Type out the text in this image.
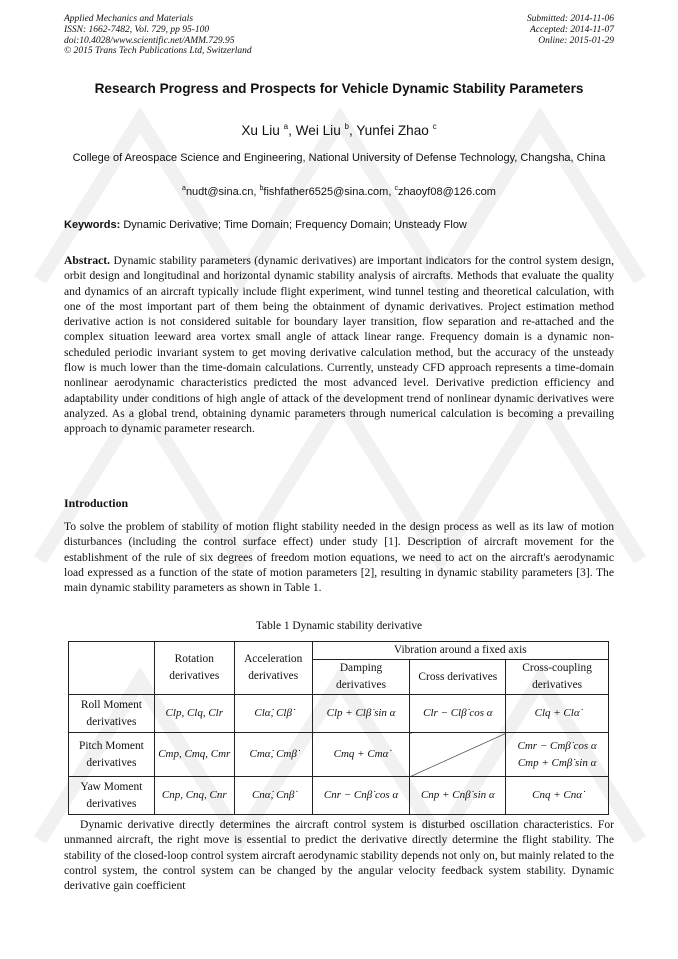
Applied Mechanics and Materials
ISSN: 1662-7482, Vol. 729, pp 95-100
doi:10.4028/www.scientific.net/AMM.729.95
© 2015 Trans Tech Publications Ltd, Switzerland
Submitted: 2014-11-06
Accepted: 2014-11-07
Online: 2015-01-29
Research Progress and Prospects for Vehicle Dynamic Stability Parameters
Xu Liu $^a$, Wei Liu $^b$, Yunfei Zhao $^c$
College of Areospace Science and Engineering, National University of Defense Technology, Changsha, China
$^a$nudt@sina.cn, $^b$fishfather6525@sina.com, $^c$zhaoyf08@126.com
Keywords: Dynamic Derivative; Time Domain; Frequency Domain; Unsteady Flow
Abstract. Dynamic stability parameters (dynamic derivatives) are important indicators for the control system design, orbit design and longitudinal and horizontal dynamic stability analysis of aircrafts. Methods that evaluate the quality and dynamics of an aircraft typically include flight experiment, wind tunnel testing and theoretical calculation, with one of the most important part of them being the obtainment of dynamic derivatives. Project estimation method derivative action is not considered suitable for boundary layer transition, flow separation and re-attached and the complex situation leeward area vortex small angle of attack linear range. Frequency domain is a dynamic non-scheduled periodic invariant system to get moving derivative calculation method, but the accuracy of the unsteady flow is much lower than the time-domain calculations. Currently, unsteady CFD approach represents a time-domain nonlinear aerodynamic characteristics predicted the most advanced level. Derivative prediction efficiency and adaptability under conditions of high angle of attack of the development trend of nonlinear dynamic derivatives were analyzed. As a global trend, obtaining dynamic parameters through numerical calculation is becoming a prevailing approach to dynamic parameter research.
Introduction
To solve the problem of stability of motion flight stability needed in the design process as well as its law of motion disturbances (including the control surface effect) under study [1]. Description of aircraft movement for the establishment of the rule of six degrees of freedom motion equations, we need to act on the aircraft's aerodynamic load expressed as a function of the state of motion parameters [2], resulting in dynamic stability parameters [3]. The main dynamic stability parameters as shown in Table 1.
Table 1 Dynamic stability derivative
	Rotation derivatives	Acceleration derivatives	Vibration around a fixed axis		
			Damping derivatives	Cross derivatives	Cross-coupling derivatives
Roll Moment derivatives	Clp, Clq, Clr	Clα̇, Clβ̇	Clp + Clβ̇ sin α	Clr − Clβ̇ cos α	Clq + Clα̇
Pitch Moment derivatives	Cmp, Cmq, Cmr	Cmα̇, Cmβ̇	Cmq + Cmα̇		Cmr − Cmβ̇ cos α
Cmp + Cmβ̇ sin α

Yaw Moment derivatives	Cnp, Cnq, Cnr	Cnα̇, Cnβ̇	Cnr − Cnβ̇ cos α	Cnp + Cnβ̇ sin α	Cnq + Cnα̇
Dynamic derivative directly determines the aircraft control system is disturbed oscillation characteristics. For unmanned aircraft, the right move is essential to predict the derivative directly determine the flight stability. The stability of the closed-loop control system aircraft aerodynamic stability depends not only on, but mainly related to the control system, the control system can be changed by the angular velocity feedback system stability. Dynamic derivative gain coefficient
